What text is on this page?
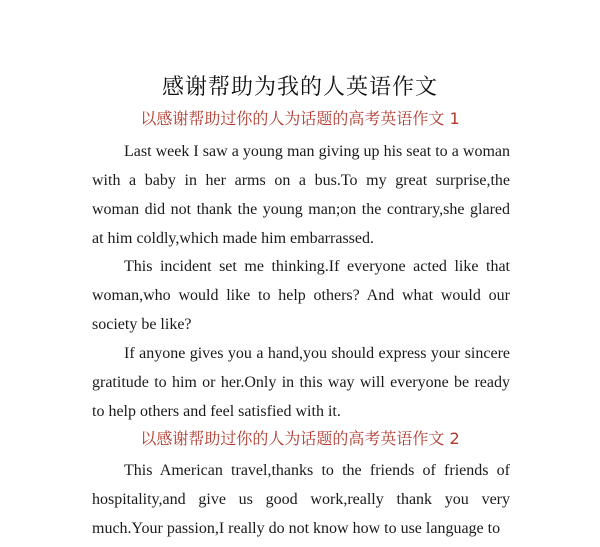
感谢帮助为我的人英语作文
以感谢帮助过你的人为话题的高考英语作文 1

Last week I saw a young man giving up his seat to a woman with a baby in her arms on a bus.To my great surprise,the woman did not thank the young man;on the contrary,she glared at him coldly,which made him embarrassed.

This incident set me thinking.If everyone acted like that woman,who would like to help others? And what would our society be like?

If anyone gives you a hand,you should express your sincere gratitude to him or her.Only in this way will everyone be ready to help others and feel satisfied with it.

以感谢帮助过你的人为话题的高考英语作文 2

This American travel,thanks to the friends of friends of hospitality,and give us good work,really thank you very much.Your passion,I really do not know how to use language to
